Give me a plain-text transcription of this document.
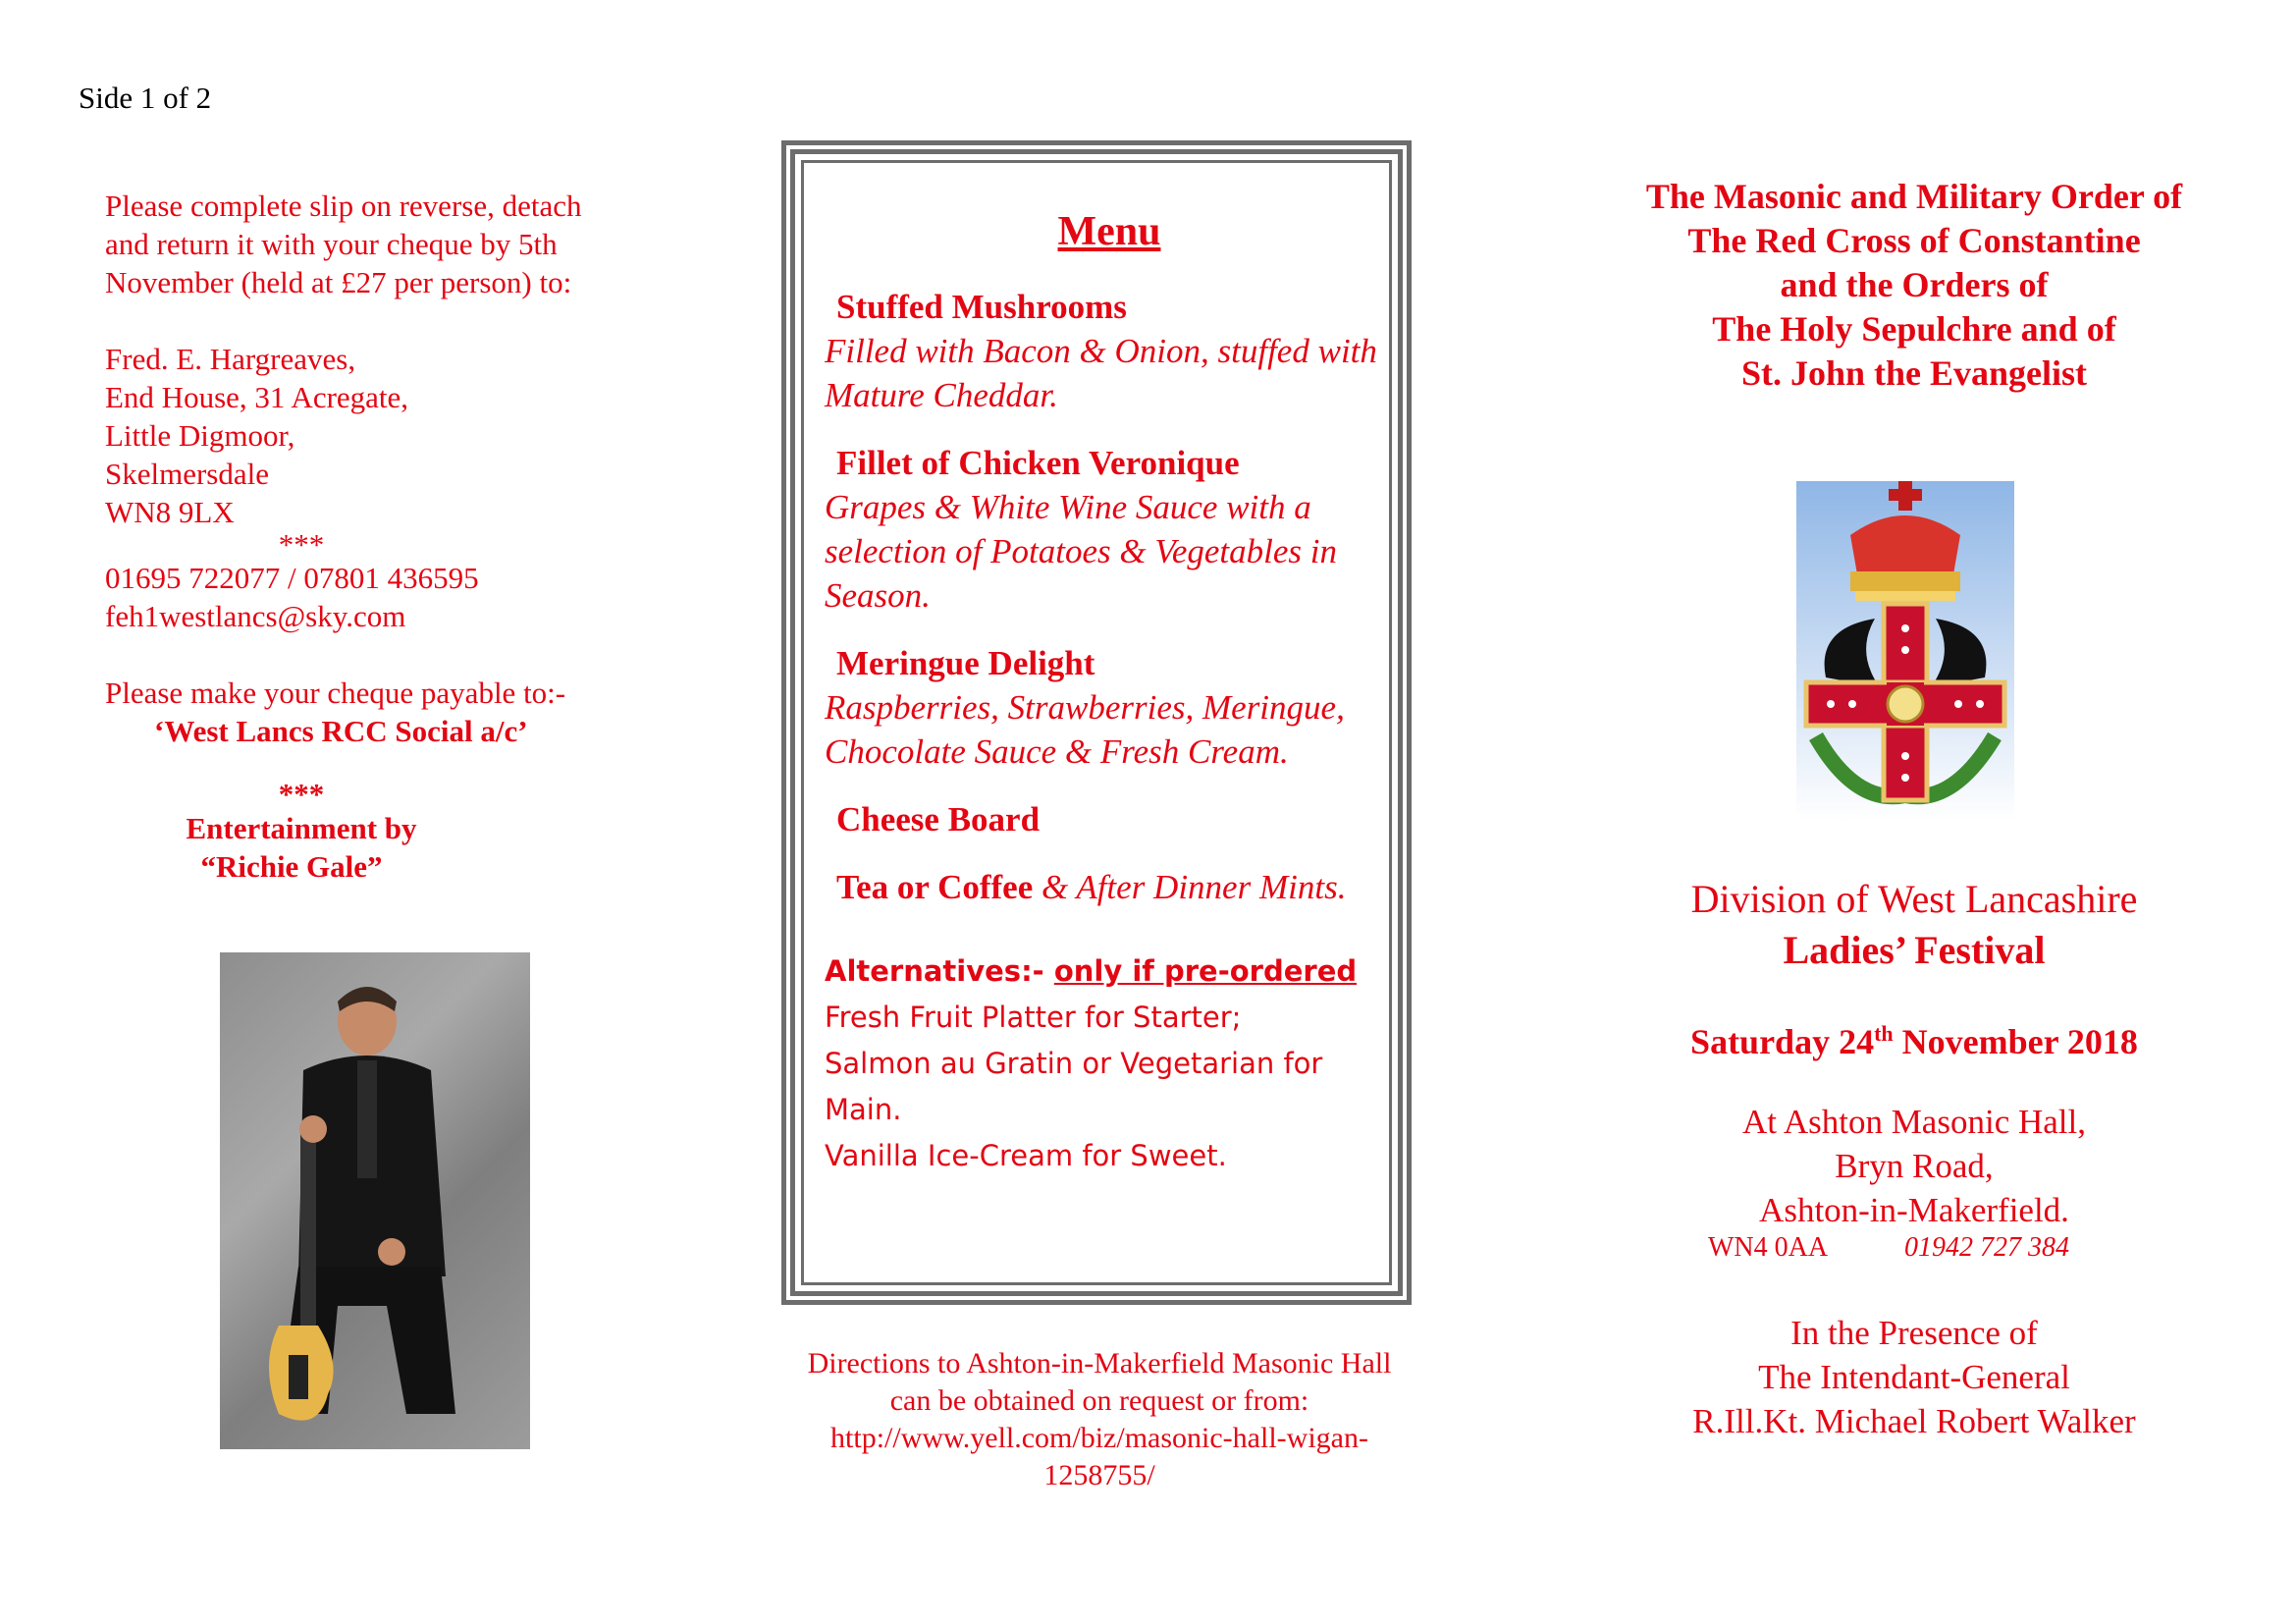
Side 1 of 2

Please complete slip on reverse, detach

and return it with your cheque by 5th

November (held at £27 per person) to:

Fred. E. Hargreaves,

End House, 31 Acregate,

Little Digmoor,

Skelmersdale

WN8 9LX

***

01695 722077 / 07801 436595

feh1westlancs@sky.com

Please make your cheque payable to:-

‘West Lancs RCC Social a/c’

***

Entertainment by

“Richie Gale”

Menu
Stuffed Mushrooms
Filled with Bacon & Onion, stuffed with Mature Cheddar.
Fillet of Chicken Veronique
Grapes & White Wine Sauce with a selection of Potatoes & Vegetables in Season.
Meringue Delight
Raspberries, Strawberries, Meringue, Chocolate Sauce & Fresh Cream.
Cheese Board
Tea or Coffee & After Dinner Mints.
Alternatives:- only if pre-ordered
Fresh Fruit Platter for Starter;
Salmon au Gratin or Vegetarian for Main.
Vanilla Ice-Cream for Sweet.
Directions to Ashton-in-Makerfield Masonic Hall
can be obtained on request or from:
http://www.yell.com/biz/masonic-hall-wigan-
1258755/
The Masonic and Military Order of
The Red Cross of Constantine
and the Orders of
The Holy Sepulchre and of
St. John the Evangelist
Division of West Lancashire
Ladies’ Festival
Saturday 24th November 2018
At Ashton Masonic Hall,
Bryn Road,
Ashton-in-Makerfield.
WN4 0AA	01942 727 384
In the Presence of
The Intendant-General
R.Ill.Kt. Michael Robert Walker
